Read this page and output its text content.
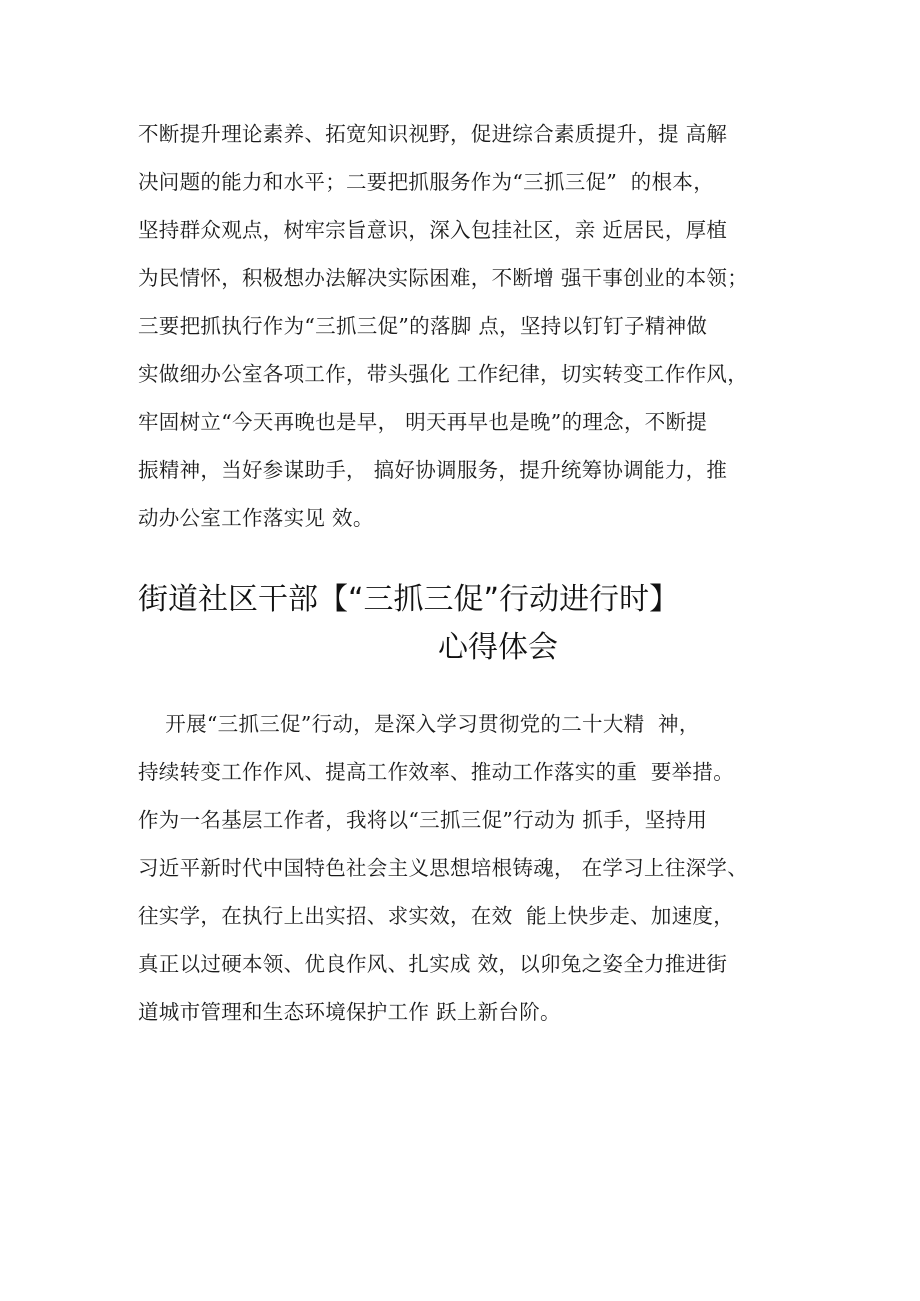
不断提升理论素养、拓宽知识视野，促进综合素质提升，提 高解
决问题的能力和水平；二要把抓服务作为“三抓三促”  的根本，
坚持群众观点，树牢宗旨意识，深入包挂社区，亲 近居民，厚植
为民情怀，积极想办法解决实际困难，不断增 强干事创业的本领；
三要把抓执行作为“三抓三促”的落脚 点，坚持以钉钉子精神做
实做细办公室各项工作，带头强化 工作纪律，切实转变工作作风，
牢固树立“今天再晚也是早， 明天再早也是晚”的理念，不断提
振精神，当好参谋助手， 搞好协调服务，提升统筹协调能力，推
动办公室工作落实见 效。
街道社区干部【“三抓三促”行动进行时】
心得体会
开展“三抓三促”行动，是深入学习贯彻党的二十大精  神，
持续转变工作作风、提高工作效率、推动工作落实的重  要举措。
作为一名基层工作者，我将以“三抓三促”行动为 抓手，坚持用
习近平新时代中国特色社会主义思想培根铸魂， 在学习上往深学、
往实学，在执行上出实招、求实效，在效  能上快步走、加速度，
真正以过硬本领、优良作风、扎实成 效，以卯兔之姿全力推进街
道城市管理和生态环境保护工作 跃上新台阶。
